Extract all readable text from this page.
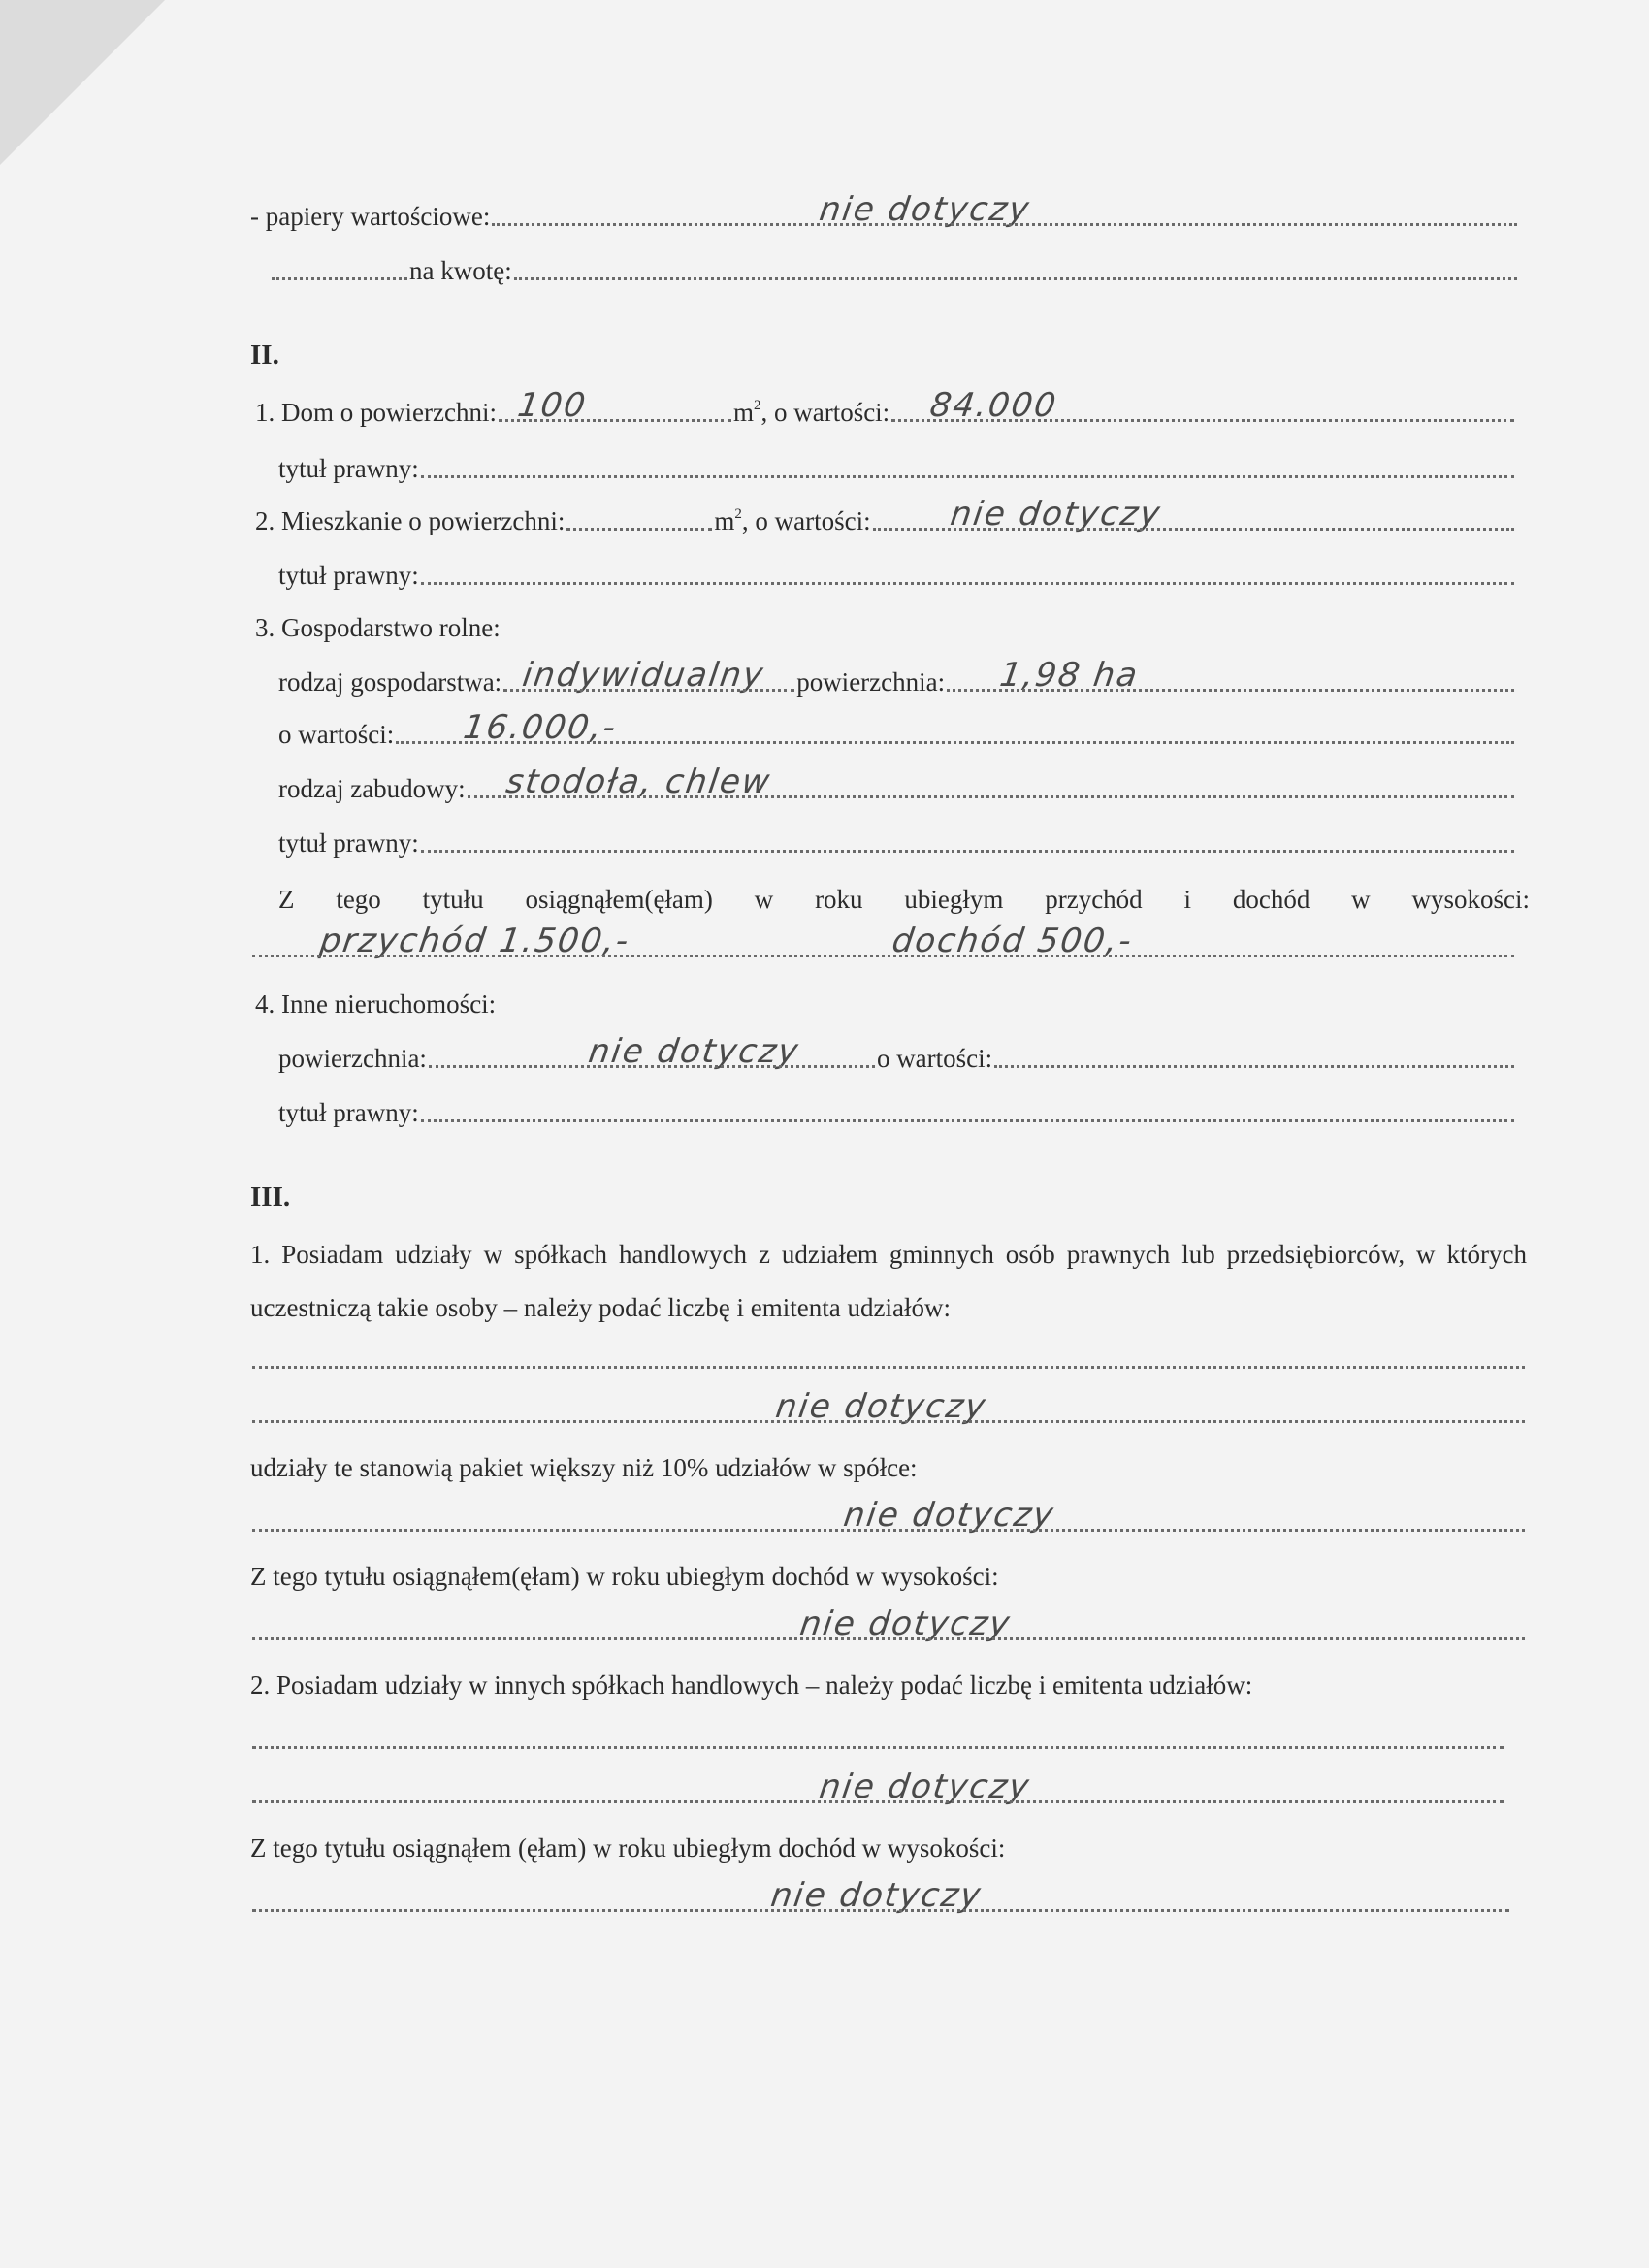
- papiery wartościowe:	nie dotyczy
na kwotę:
II.
1. Dom o powierzchni: 100	$m^2$, o wartości: 84.000
tytuł prawny:
2. Mieszkanie o powierzchni:	$m^2$, o wartości: nie dotyczy
tytuł prawny:
3. Gospodarstwo rolne:
rodzaj gospodarstwa: indywidualny powierzchnia: 1,98 ha
o wartości: 16.000,-
rodzaj zabudowy: stodoła, chlew
tytuł prawny:
Z tego tytułu osiągnąłem(ęłam) w roku ubiegłym przychód i dochód w wysokości:
przychód 1.500,-	dochód 500,-
4. Inne nieruchomości:
powierzchnia:	nie dotyczy	o wartości:
tytuł prawny:
III.
1. Posiadam udziały w spółkach handlowych z udziałem gminnych osób prawnych lub przedsiębiorców, w których uczestniczą takie osoby – należy podać liczbę i emitenta udziałów:
nie dotyczy
udziały te stanowią pakiet większy niż 10% udziałów w spółce:
nie dotyczy
Z tego tytułu osiągnąłem(ęłam) w roku ubiegłym dochód w wysokości:
nie dotyczy
2. Posiadam udziały w innych spółkach handlowych – należy podać liczbę i emitenta udziałów:
nie dotyczy
Z tego tytułu osiągnąłem (ęłam) w roku ubiegłym dochód w wysokości:
nie dotyczy
